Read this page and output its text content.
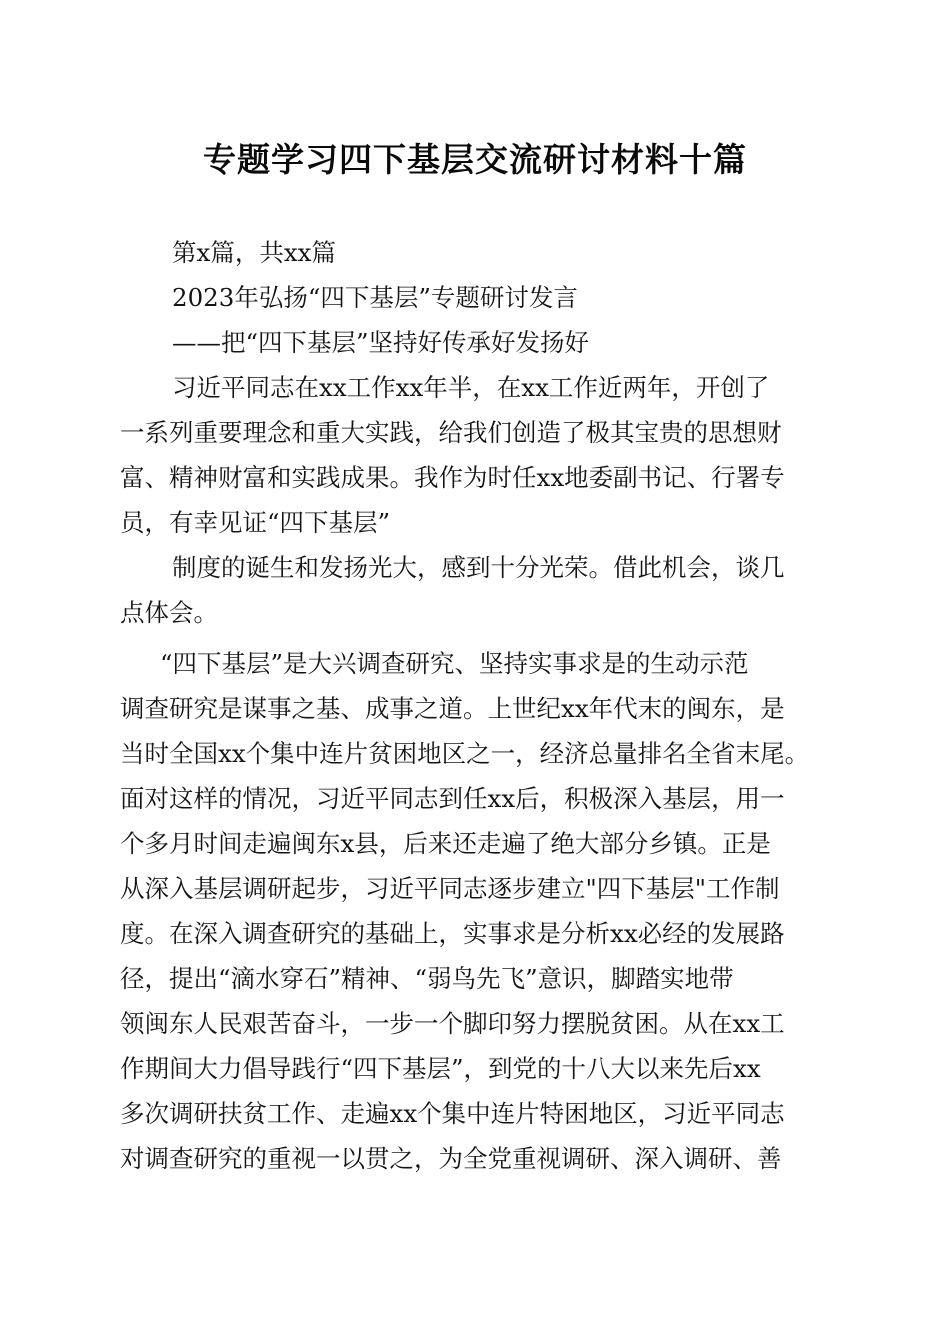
专题学习四下基层交流研讨材料十篇
第x篇，共xx篇
2023年弘扬“四下基层”专题研讨发言
——把“四下基层”坚持好传承好发扬好
习近平同志在xx工作xx年半，在xx工作近两年，开创了
一系列重要理念和重大实践，给我们创造了极其宝贵的思想财
富、精神财富和实践成果。我作为时任xx地委副书记、行署专
员，有幸见证“四下基层”
制度的诞生和发扬光大，感到十分光荣。借此机会，谈几
点体会。
“四下基层”是大兴调查研究、坚持实事求是的生动示范
调查研究是谋事之基、成事之道。上世纪xx年代末的闽东，是
当时全国xx个集中连片贫困地区之一，经济总量排名全省末尾。
面对这样的情况，习近平同志到任xx后，积极深入基层，用一
个多月时间走遍闽东x县，后来还走遍了绝大部分乡镇。正是
从深入基层调研起步，习近平同志逐步建立"四下基层"工作制
度。在深入调查研究的基础上，实事求是分析xx必经的发展路
径，提出“滴水穿石”精神、“弱鸟先飞”意识，脚踏实地带
领闽东人民艰苦奋斗，一步一个脚印努力摆脱贫困。从在xx工
作期间大力倡导践行“四下基层”，到党的十八大以来先后xx
多次调研扶贫工作、走遍xx个集中连片特困地区，习近平同志
对调查研究的重视一以贯之，为全党重视调研、深入调研、善
